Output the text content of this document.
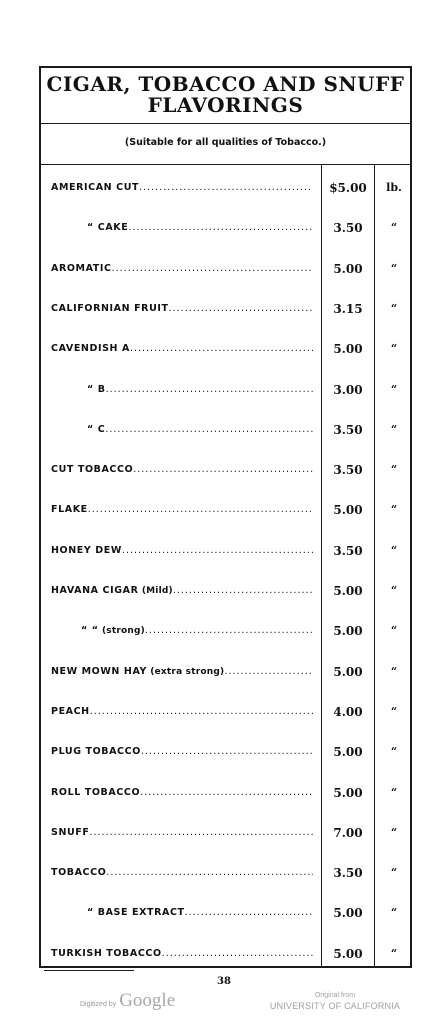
CIGAR, TOBACCO AND SNUFF
FLAVORINGS
(Suitable for all qualities of Tobacco.)
AMERICAN CUT .....	$5.00	lb.
“ CAKE .....	3.50	“
AROMATIC .....	5.00	“
CALIFORNIAN FRUIT .....	3.15	“
CAVENDISH A .....	5.00	“
“ B .....	3.00	“
“ C .....	3.50	“
CUT TOBACCO .....	3.50	“
FLAKE .....	5.00	“
HONEY DEW .....	3.50	“
HAVANA CIGAR (Mild) .....	5.00	“
“ “ (strong) .....	5.00	“
NEW MOWN HAY (extra strong) .....	5.00	“
PEACH .....	4.00	“
PLUG TOBACCO .....	5.00	“
ROLL TOBACCO .....	5.00	“
SNUFF .....	7.00	“
TOBACCO .....	3.50	“
“ BASE EXTRACT .....	5.00	“
TURKISH TOBACCO .....	5.00	“
38
Digitized by Google	Original from
UNIVERSITY OF CALIFORNIA
